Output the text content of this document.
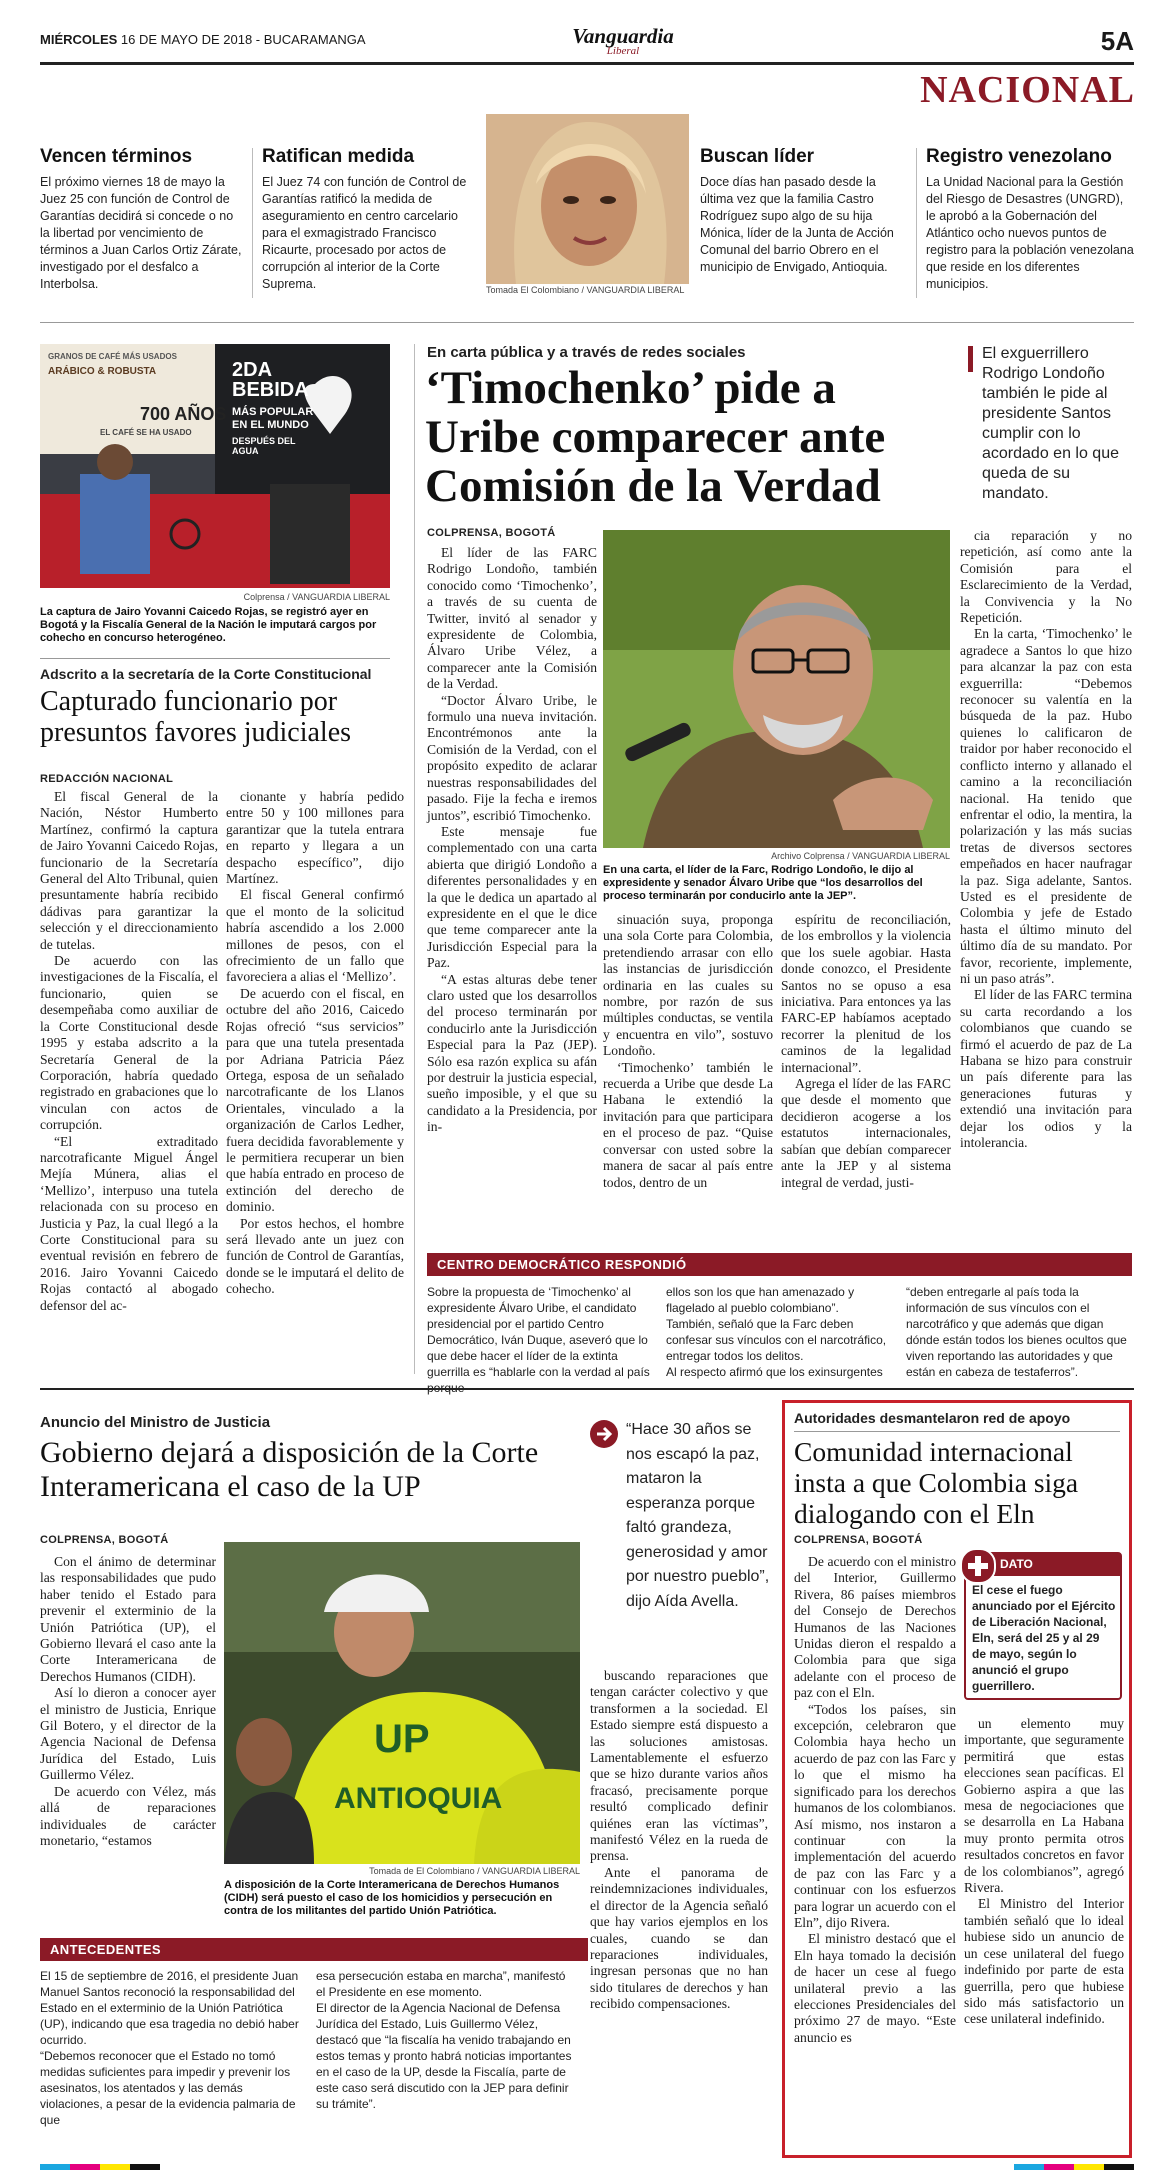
MIÉRCOLES 16 DE MAYO DE 2018 - BUCARAMANGA	Vanguardia
Liberal	5A
NACIONAL
Vencen términos
El próximo viernes 18 de mayo la Juez 25 con función de Control de Garantías decidirá si concede o no la libertad por vencimiento de términos a Juan Carlos Ortiz Zárate, investigado por el desfalco a Interbolsa.
Ratifican medida
El Juez 74 con función de Control de Garantías ratificó la medida de aseguramiento en centro carcelario para el exmagistrado Francisco Ricaurte, procesado por actos de corrupción al interior de la Corte Suprema.	Tomada El Colombiano / VANGUARDIA LIBERAL
Buscan líder
Doce días han pasado desde la última vez que la familia Castro Rodríguez supo algo de su hija Mónica, líder de la Junta de Acción Comunal del barrio Obrero en el municipio de Envigado, Antioquia.
Registro venezolano
La Unidad Nacional para la Gestión del Riesgo de Desastres (UNGRD), le aprobó a la Gobernación del Atlántico ocho nuevos puntos de registro para la población venezolana que reside en los diferentes municipios.
GRANOS DE CAFÉ MÁS USADOS
ARÁBICO & ROBUSTA
700 AÑOS
EL CAFÉ SE HA USADO
2DA BEBIDA
MÁS POPULAR EN EL MUNDO
DESPUÉS DEL AGUA
Colprensa / VANGUARDIA LIBERAL
La captura de Jairo Yovanni Caicedo Rojas, se registró ayer en Bogotá y la Fiscalía General de la Nación le imputará cargos por cohecho en concurso heterogéneo.
Adscrito a la secretaría de la Corte Constitucional
Capturado funcionario por presuntos favores judiciales
REDACCIÓN NACIONAL

El fiscal General de la Nación, Néstor Humberto Martínez, confirmó la captura de Jairo Yovanni Caicedo Rojas, funcionario de la Secretaría General del Alto Tribunal, quien presuntamente habría recibido dádivas para garantizar la selección y el direccionamiento de tutelas.

De acuerdo con las investigaciones de la Fiscalía, el funcionario, quien se desempeñaba como auxiliar de la Corte Constitucional desde 1995 y estaba adscrito a la Secretaría General de la Corporación, habría quedado registrado en grabaciones que lo vinculan con actos de corrupción.

“El extraditado narcotraficante Miguel Ángel Mejía Múnera, alias el ‘Mellizo’, interpuso una tutela relacionada con su proceso en Justicia y Paz, la cual llegó a la Corte Constitucional para su eventual revisión en febrero de 2016. Jairo Yovanni Caicedo Rojas contactó al abogado defensor del ac-

cionante y habría pedido entre 50 y 100 millones para garantizar que la tutela entrara en reparto y llegara a un despacho específico”, dijo Martínez.

El fiscal General confirmó que el monto de la solicitud habría ascendido a los 2.000 millones de pesos, con el ofrecimiento de un fallo que favoreciera a alias el ‘Mellizo’.

De acuerdo con el fiscal, en octubre del año 2016, Caicedo Rojas ofreció “sus servicios” para que una tutela presentada por Adriana Patricia Páez Ortega, esposa de un señalado narcotraficante de los Llanos Orientales, vinculado a la organización de Carlos Ledher, fuera decidida favorablemente y le permitiera recuperar un bien que había entrado en proceso de extinción del derecho de dominio.

Por estos hechos, el hombre será llevado ante un juez con función de Control de Garantías, donde se le imputará el delito de cohecho.

En carta pública y a través de redes sociales
‘Timochenko’ pide a Uribe comparecer ante Comisión de la Verdad
El exguerrillero Rodrigo Londoño también le pide al presidente Santos cumplir con lo acordado en lo que queda de su mandato.
COLPRENSA, BOGOTÁ

El líder de las FARC Rodrigo Londoño, también conocido como ‘Timochenko’, a través de su cuenta de Twitter, invitó al senador y expresidente de Colombia, Álvaro Uribe Vélez, a comparecer ante la Comisión de la Verdad.

“Doctor Álvaro Uribe, le formulo una nueva invitación. Encontrémonos ante la Comisión de la Verdad, con el propósito expedito de aclarar nuestras responsabilidades del pasado. Fije la fecha e iremos juntos”, escribió Timochenko.

Este mensaje fue complementado con una carta abierta que dirigió Londoño a diferentes personalidades y en la que le dedica un apartado al expresidente en el que le dice que teme comparecer ante la Jurisdicción Especial para la Paz.

“A estas alturas debe tener claro usted que los desarrollos del proceso terminarán por conducirlo ante la Jurisdicción Especial para la Paz (JEP). Sólo esa razón explica su afán por destruir la justicia especial, sueño imposible, y el que su candidato a la Presidencia, por in-

Archivo Colprensa / VANGUARDIA LIBERAL
En una carta, el líder de la Farc, Rodrigo Londoño, le dijo al expresidente y senador Álvaro Uribe que “los desarrollos del proceso terminarán por conducirlo ante la JEP”.

sinuación suya, proponga una sola Corte para Colombia, pretendiendo arrasar con ello las instancias de jurisdicción ordinaria en las cuales su nombre, por razón de sus múltiples conductas, se ventila y encuentra en vilo”, sostuvo Londoño.

‘Timochenko’ también le recuerda a Uribe que desde La Habana le extendió la invitación para que participara en el proceso de paz. “Quise conversar con usted sobre la manera de sacar al país entre todos, dentro de un

espíritu de reconciliación, de los embrollos y la violencia que los suele agobiar. Hasta donde conozco, el Presidente Santos no se opuso a esa iniciativa. Para entonces ya las FARC-EP habíamos aceptado recorrer la plenitud de los caminos de la legalidad internacional”.

Agrega el líder de las FARC que desde el momento que decidieron acogerse a los estatutos internacionales, sabían que debían comparecer ante la JEP y al sistema integral de verdad, justi-

cia reparación y no repetición, así como ante la Comisión para el Esclarecimiento de la Verdad, la Convivencia y la No Repetición.

En la carta, ‘Timochenko’ le agradece a Santos lo que hizo para alcanzar la paz con esta exguerrilla: “Debemos reconocer su valentía en la búsqueda de la paz. Hubo quienes lo calificaron de traidor por haber reconocido el conflicto interno y allanado el camino a la reconciliación nacional. Ha tenido que enfrentar el odio, la mentira, la polarización y las más sucias tretas de diversos sectores empeñados en hacer naufragar la paz. Siga adelante, Santos. Usted es el presidente de Colombia y jefe de Estado hasta el último minuto del último día de su mandato. Por favor, recoriente, implemente, ni un paso atrás”.

El líder de las FARC termina su carta recordando a los colombianos que cuando se firmó el acuerdo de paz de La Habana se hizo para construir un país diferente para las generaciones futuras y extendió una invitación para dejar los odios y la intolerancia.

CENTRO DEMOCRÁTICO RESPONDIÓ

Sobre la propuesta de ‘Timochenko’ al expresidente Álvaro Uribe, el candidato presidencial por el partido Centro Democrático, Iván Duque, aseveró que lo que debe hacer el líder de la extinta guerrilla es “hablarle con la verdad al país

ellos son los que han amenazado y flagelado al pueblo colombiano”.

También, señaló que la Farc deben confesar sus vínculos con el narcotráfico, entregar todos los delitos.

Al respecto afirmó que los exinsurgentes

“deben entregarle al país toda la información de sus vínculos con el narcotráfico y que además que digan dónde están todos los bienes ocultos que viven reportando las autoridades y que están en cabeza de testaferros”.

Anuncio del Ministro de Justicia
Gobierno dejará a disposición de la Corte Interamericana el caso de la UP
COLPRENSA, BOGOTÁ

Con el ánimo de determinar las responsabilidades que pudo haber tenido el Estado para prevenir el exterminio de la Unión Patriótica (UP), el Gobierno llevará el caso ante la Corte Interamericana de Derechos Humanos (CIDH).

Así lo dieron a conocer ayer el ministro de Justicia, Enrique Gil Botero, y el director de la Agencia Nacional de Defensa Jurídica del Estado, Luis Guillermo Vélez.

De acuerdo con Vélez, más allá de reparaciones individuales de carácter monetario, “estamos

UP
ANTIOQUIA
Tomada de El Colombiano / VANGUARDIA LIBERAL
A disposición de la Corte Interamericana de Derechos Humanos (CIDH) será puesto el caso de los homicidios y persecución en contra de los militantes del partido Unión Patriótica.
“Hace 30 años se nos escapó la paz, mataron la esperanza porque faltó grandeza, generosidad y amor por nuestro pueblo”, dijo Aída Avella.

buscando reparaciones que tengan carácter colectivo y que transformen a la sociedad. El Estado siempre está dispuesto a las soluciones amistosas. Lamentablemente el esfuerzo que se hizo durante varios años fracasó, precisamente porque resultó complicado definir quiénes eran las víctimas”, manifestó Vélez en la rueda de prensa.

Ante el panorama de reindemnizaciones individuales, el director de la Agencia señaló que hay varios ejemplos en los cuales, cuando se dan reparaciones individuales, ingresan personas que no han sido titulares de derechos y han recibido compensaciones.

ANTECEDENTES

El 15 de septiembre de 2016, el presidente Juan Manuel Santos reconoció la responsabilidad del Estado en el exterminio de la Unión Patriótica (UP), indicando que esa tragedia no debió haber ocurrido.

“Debemos reconocer que el Estado no tomó medidas suficientes para impedir y prevenir los asesinatos, los atentados y las demás violaciones, a pesar de la evidencia palmaria de que

esa persecución estaba en marcha”, manifestó el Presidente en ese momento.

El director de la Agencia Nacional de Defensa Jurídica del Estado, Luis Guillermo Vélez, destacó que “la fiscalía ha venido trabajando en estos temas y pronto habrá noticias importantes en el caso de la UP, desde la Fiscalía, parte de este caso será discutido con la JEP para definir su trámite”.

Autoridades desmantelaron red de apoyo
Comunidad internacional insta a que Colombia siga dialogando con el Eln
COLPRENSA, BOGOTÁ

De acuerdo con el ministro del Interior, Guillermo Rivera, 86 países miembros del Consejo de Derechos Humanos de las Naciones Unidas dieron el respaldo a Colombia para que siga adelante con el proceso de paz con el Eln.

“Todos los países, sin excepción, celebraron que Colombia haya hecho un acuerdo de paz con las Farc y lo que el mismo ha significado para los derechos humanos de los colombianos. Así mismo, nos instaron a continuar con la implementación del acuerdo de paz con las Farc y a continuar con los esfuerzos para lograr un acuerdo con el Eln”, dijo Rivera.

El ministro destacó que el Eln haya tomado la decisión de hacer un cese al fuego unilateral previo a las elecciones Presidenciales del próximo 27 de mayo. “Este anuncio es

DATO
El cese el fuego anunciado por el Ejército de Liberación Nacional, Eln, será del 25 y al 29 de mayo, según lo anunció el grupo guerrillero.

un elemento muy importante, que seguramente permitirá que estas elecciones sean pacíficas. El Gobierno aspira a que las mesa de negociaciones que se desarrolla en La Habana muy pronto permita otros resultados concretos en favor de los colombianos”, agregó Rivera.

El Ministro del Interior también señaló que lo ideal hubiese sido un anuncio de un cese unilateral del fuego indefinido por parte de esta guerrilla, pero que hubiese sido más satisfactorio un cese unilateral indefinido.
